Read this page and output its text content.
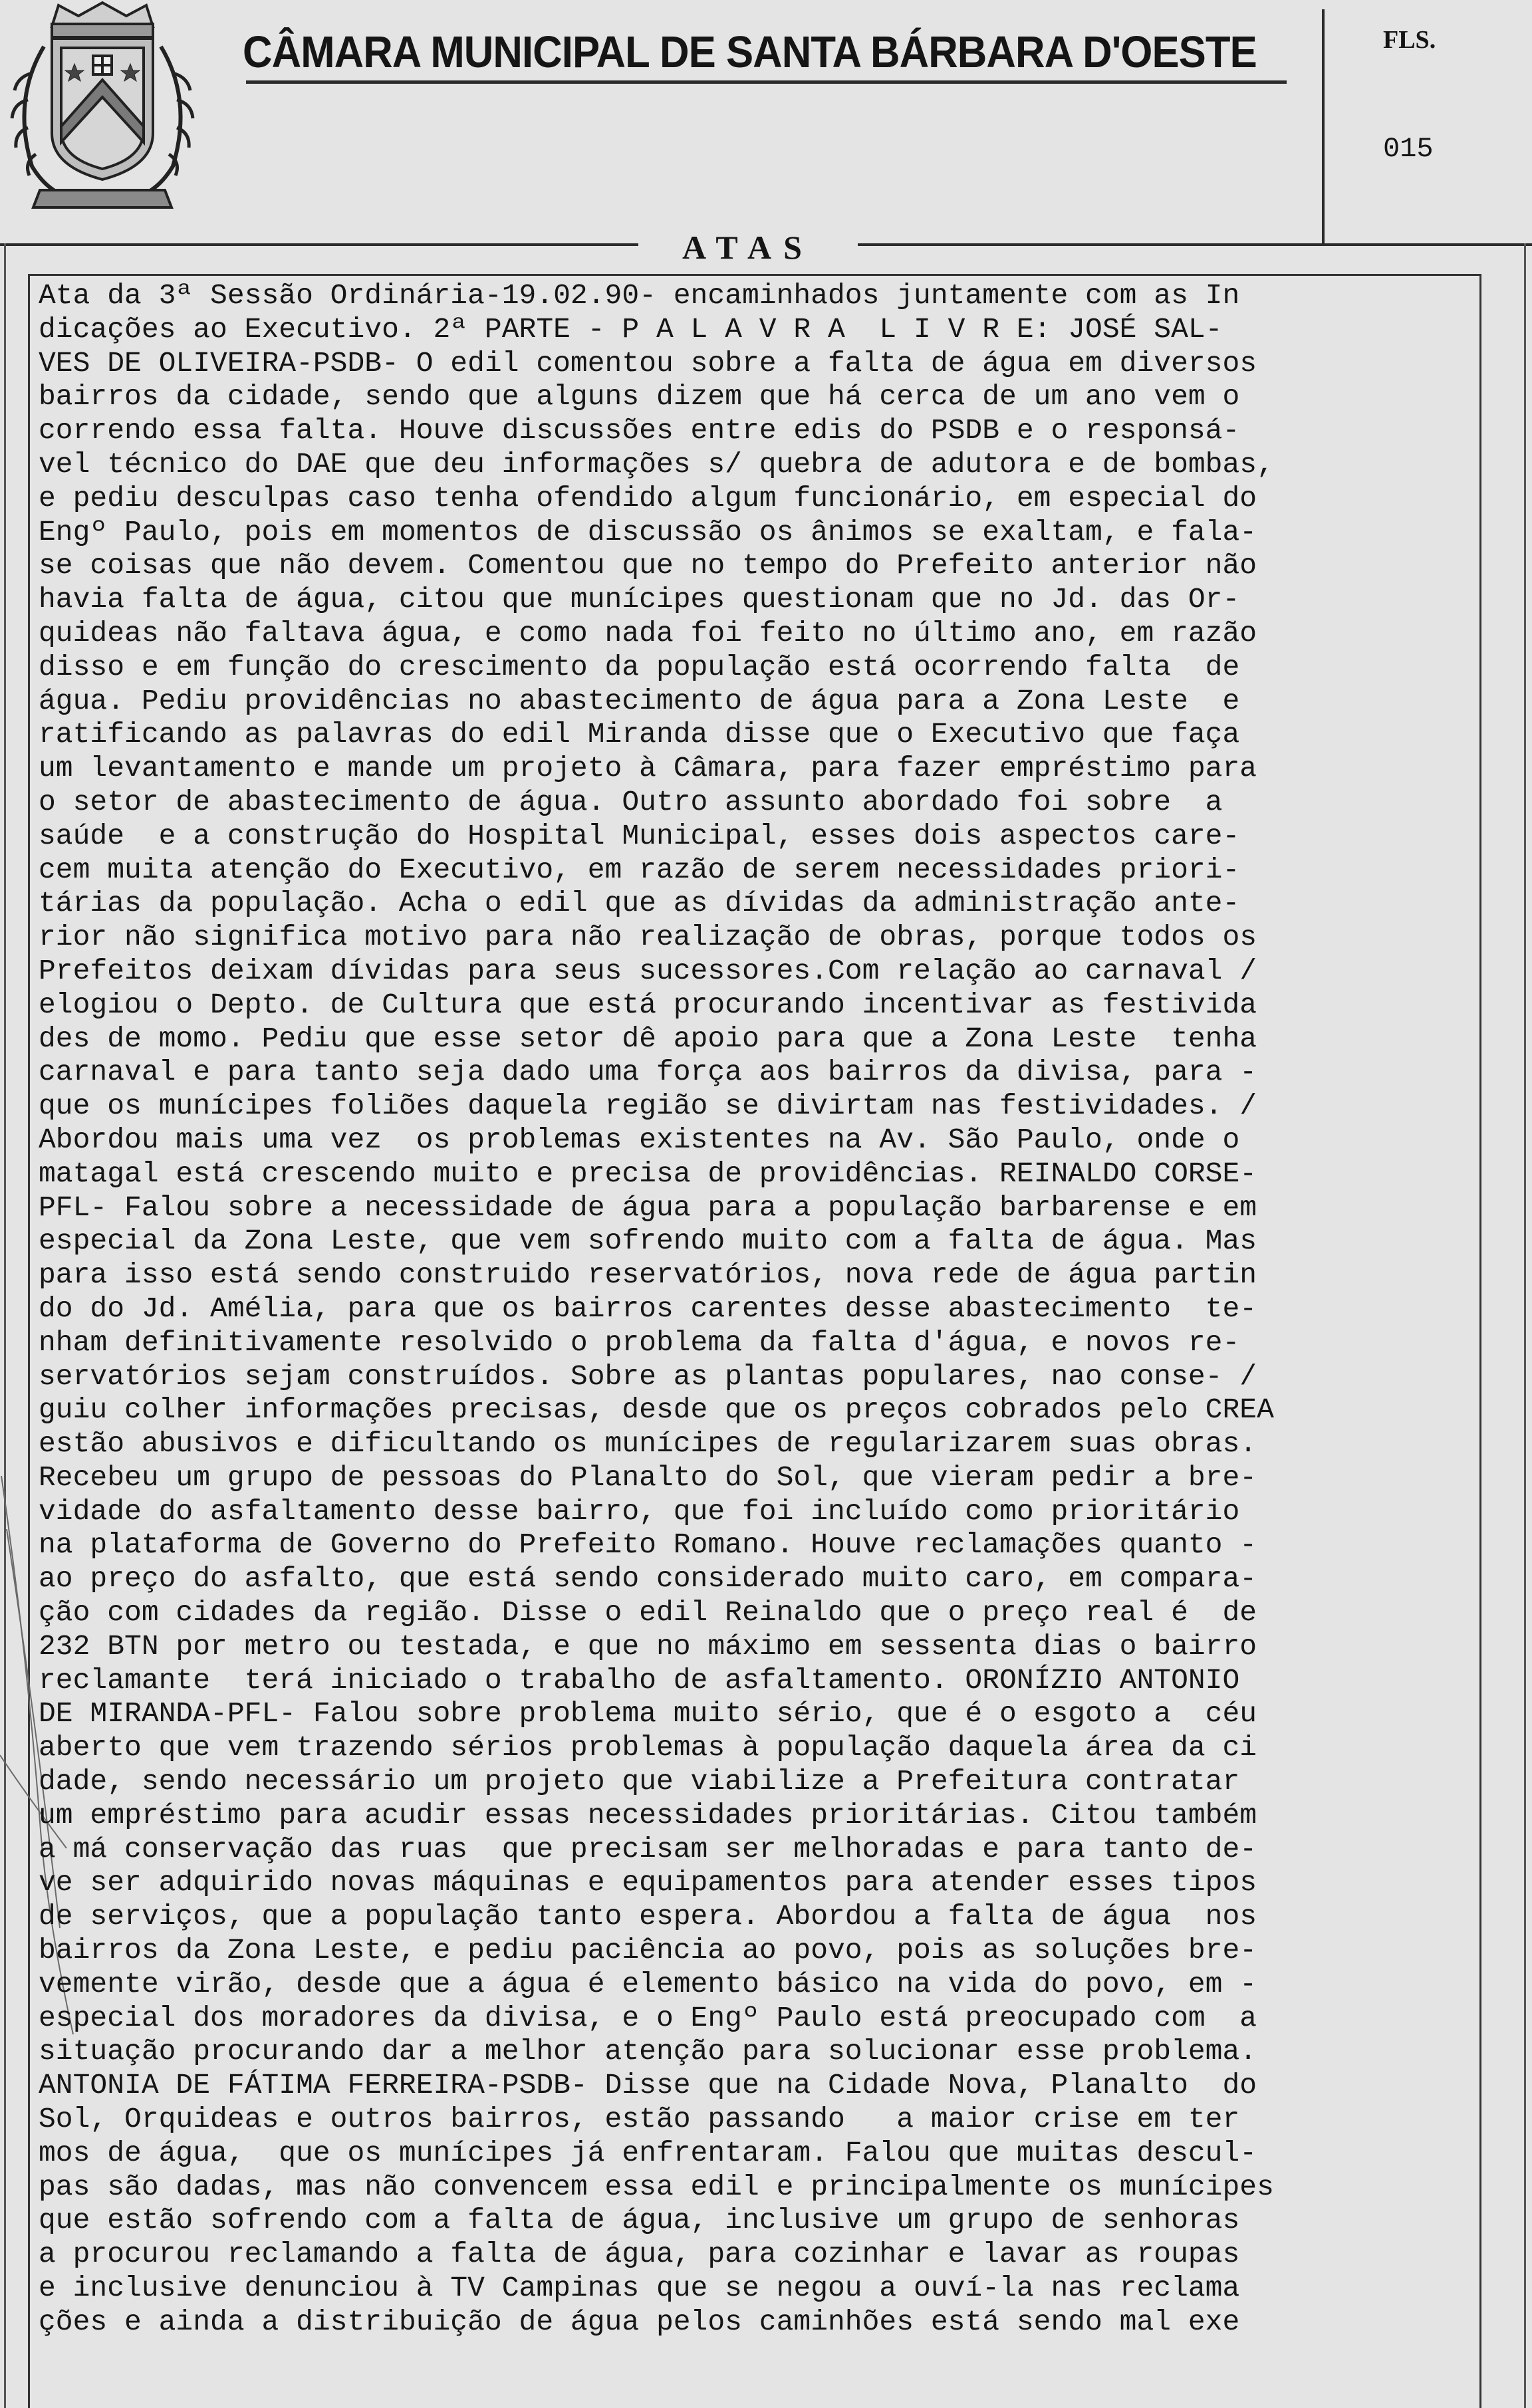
CÂMARA MUNICIPAL DE SANTA BÁRBARA D'OESTE	FLS.
015
ATAS
Ata da 3ª Sessão Ordinária-19.02.90- encaminhados juntamente com as In
dicações ao Executivo. 2ª PARTE - P A L A V R A  L I V R E: JOSÉ SAL-
VES DE OLIVEIRA-PSDB- O edil comentou sobre a falta de água em diversos
bairros da cidade, sendo que alguns dizem que há cerca de um ano vem o
correndo essa falta. Houve discussões entre edis do PSDB e o responsá-
vel técnico do DAE que deu informações s/ quebra de adutora e de bombas,
e pediu desculpas caso tenha ofendido algum funcionário, em especial do
Engº Paulo, pois em momentos de discussão os ânimos se exaltam, e fala-
se coisas que não devem. Comentou que no tempo do Prefeito anterior não
havia falta de água, citou que munícipes questionam que no Jd. das Or-
quideas não faltava água, e como nada foi feito no último ano, em razão
disso e em função do crescimento da população está ocorrendo falta  de
água. Pediu providências no abastecimento de água para a Zona Leste  e
ratificando as palavras do edil Miranda disse que o Executivo que faça
um levantamento e mande um projeto à Câmara, para fazer empréstimo para
o setor de abastecimento de água. Outro assunto abordado foi sobre  a
saúde  e a construção do Hospital Municipal, esses dois aspectos care-
cem muita atenção do Executivo, em razão de serem necessidades priori-
tárias da população. Acha o edil que as dívidas da administração ante-
rior não significa motivo para não realização de obras, porque todos os
Prefeitos deixam dívidas para seus sucessores.Com relação ao carnaval /
elogiou o Depto. de Cultura que está procurando incentivar as festivida
des de momo. Pediu que esse setor dê apoio para que a Zona Leste  tenha
carnaval e para tanto seja dado uma força aos bairros da divisa, para -
que os munícipes foliões daquela região se divirtam nas festividades. /
Abordou mais uma vez  os problemas existentes na Av. São Paulo, onde o
matagal está crescendo muito e precisa de providências. REINALDO CORSE-
PFL- Falou sobre a necessidade de água para a população barbarense e em
especial da Zona Leste, que vem sofrendo muito com a falta de água. Mas
para isso está sendo construido reservatórios, nova rede de água partin
do do Jd. Amélia, para que os bairros carentes desse abastecimento  te-
nham definitivamente resolvido o problema da falta d'água, e novos re-
servatórios sejam construídos. Sobre as plantas populares, nao conse- /
guiu colher informações precisas, desde que os preços cobrados pelo CREA
estão abusivos e dificultando os munícipes de regularizarem suas obras.
Recebeu um grupo de pessoas do Planalto do Sol, que vieram pedir a bre-
vidade do asfaltamento desse bairro, que foi incluído como prioritário
na plataforma de Governo do Prefeito Romano. Houve reclamações quanto -
ao preço do asfalto, que está sendo considerado muito caro, em compara-
ção com cidades da região. Disse o edil Reinaldo que o preço real é  de
232 BTN por metro ou testada, e que no máximo em sessenta dias o bairro
reclamante  terá iniciado o trabalho de asfaltamento. ORONÍZIO ANTONIO
DE MIRANDA-PFL- Falou sobre problema muito sério, que é o esgoto a  céu
aberto que vem trazendo sérios problemas à população daquela área da ci
dade, sendo necessário um projeto que viabilize a Prefeitura contratar
um empréstimo para acudir essas necessidades prioritárias. Citou também
a má conservação das ruas  que precisam ser melhoradas e para tanto de-
ve ser adquirido novas máquinas e equipamentos para atender esses tipos
de serviços, que a população tanto espera. Abordou a falta de água  nos
bairros da Zona Leste, e pediu paciência ao povo, pois as soluções bre-
vemente virão, desde que a água é elemento básico na vida do povo, em -
especial dos moradores da divisa, e o Engº Paulo está preocupado com  a
situação procurando dar a melhor atenção para solucionar esse problema.
ANTONIA DE FÁTIMA FERREIRA-PSDB- Disse que na Cidade Nova, Planalto  do
Sol, Orquideas e outros bairros, estão passando   a maior crise em ter
mos de água,  que os munícipes já enfrentaram. Falou que muitas descul-
pas são dadas, mas não convencem essa edil e principalmente os munícipes
que estão sofrendo com a falta de água, inclusive um grupo de senhoras
a procurou reclamando a falta de água, para cozinhar e lavar as roupas
e inclusive denunciou à TV Campinas que se negou a ouví-la nas reclama
ções e ainda a distribuição de água pelos caminhões está sendo mal exe
